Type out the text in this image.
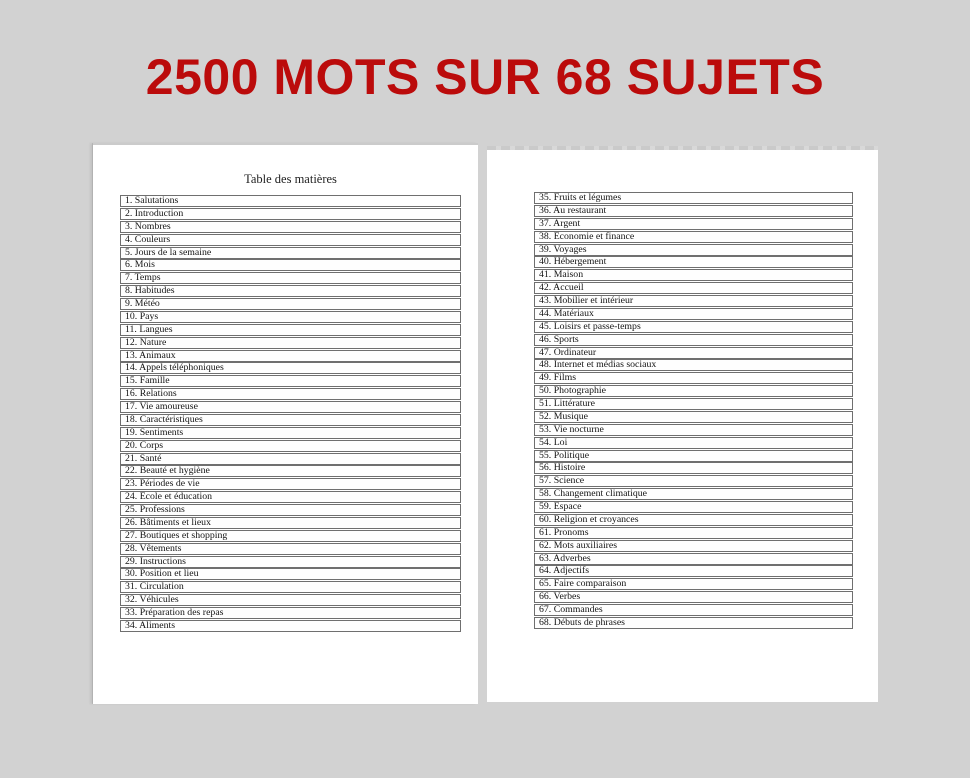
2500 MOTS SUR 68 SUJETS
Table des matières
1. Salutations
2. Introduction
3. Nombres
4. Couleurs
5. Jours de la semaine
6. Mois
7. Temps
8. Habitudes
9. Météo
10. Pays
11. Langues
12. Nature
13. Animaux
14. Appels téléphoniques
15. Famille
16. Relations
17. Vie amoureuse
18. Caractéristiques
19. Sentiments
20. Corps
21. Santé
22. Beauté et hygiène
23. Périodes de vie
24. École et éducation
25. Professions
26. Bâtiments et lieux
27. Boutiques et shopping
28. Vêtements
29. Instructions
30. Position et lieu
31. Circulation
32. Véhicules
33. Préparation des repas
34. Aliments
35. Fruits et légumes
36. Au restaurant
37. Argent
38. Économie et finance
39. Voyages
40. Hébergement
41. Maison
42. Accueil
43. Mobilier et intérieur
44. Matériaux
45. Loisirs et passe-temps
46. Sports
47. Ordinateur
48. Internet et médias sociaux
49. Films
50. Photographie
51. Littérature
52. Musique
53. Vie nocturne
54. Loi
55. Politique
56. Histoire
57. Science
58. Changement climatique
59. Espace
60. Religion et croyances
61. Pronoms
62. Mots auxiliaires
63. Adverbes
64. Adjectifs
65. Faire comparaison
66. Verbes
67. Commandes
68. Débuts de phrases
